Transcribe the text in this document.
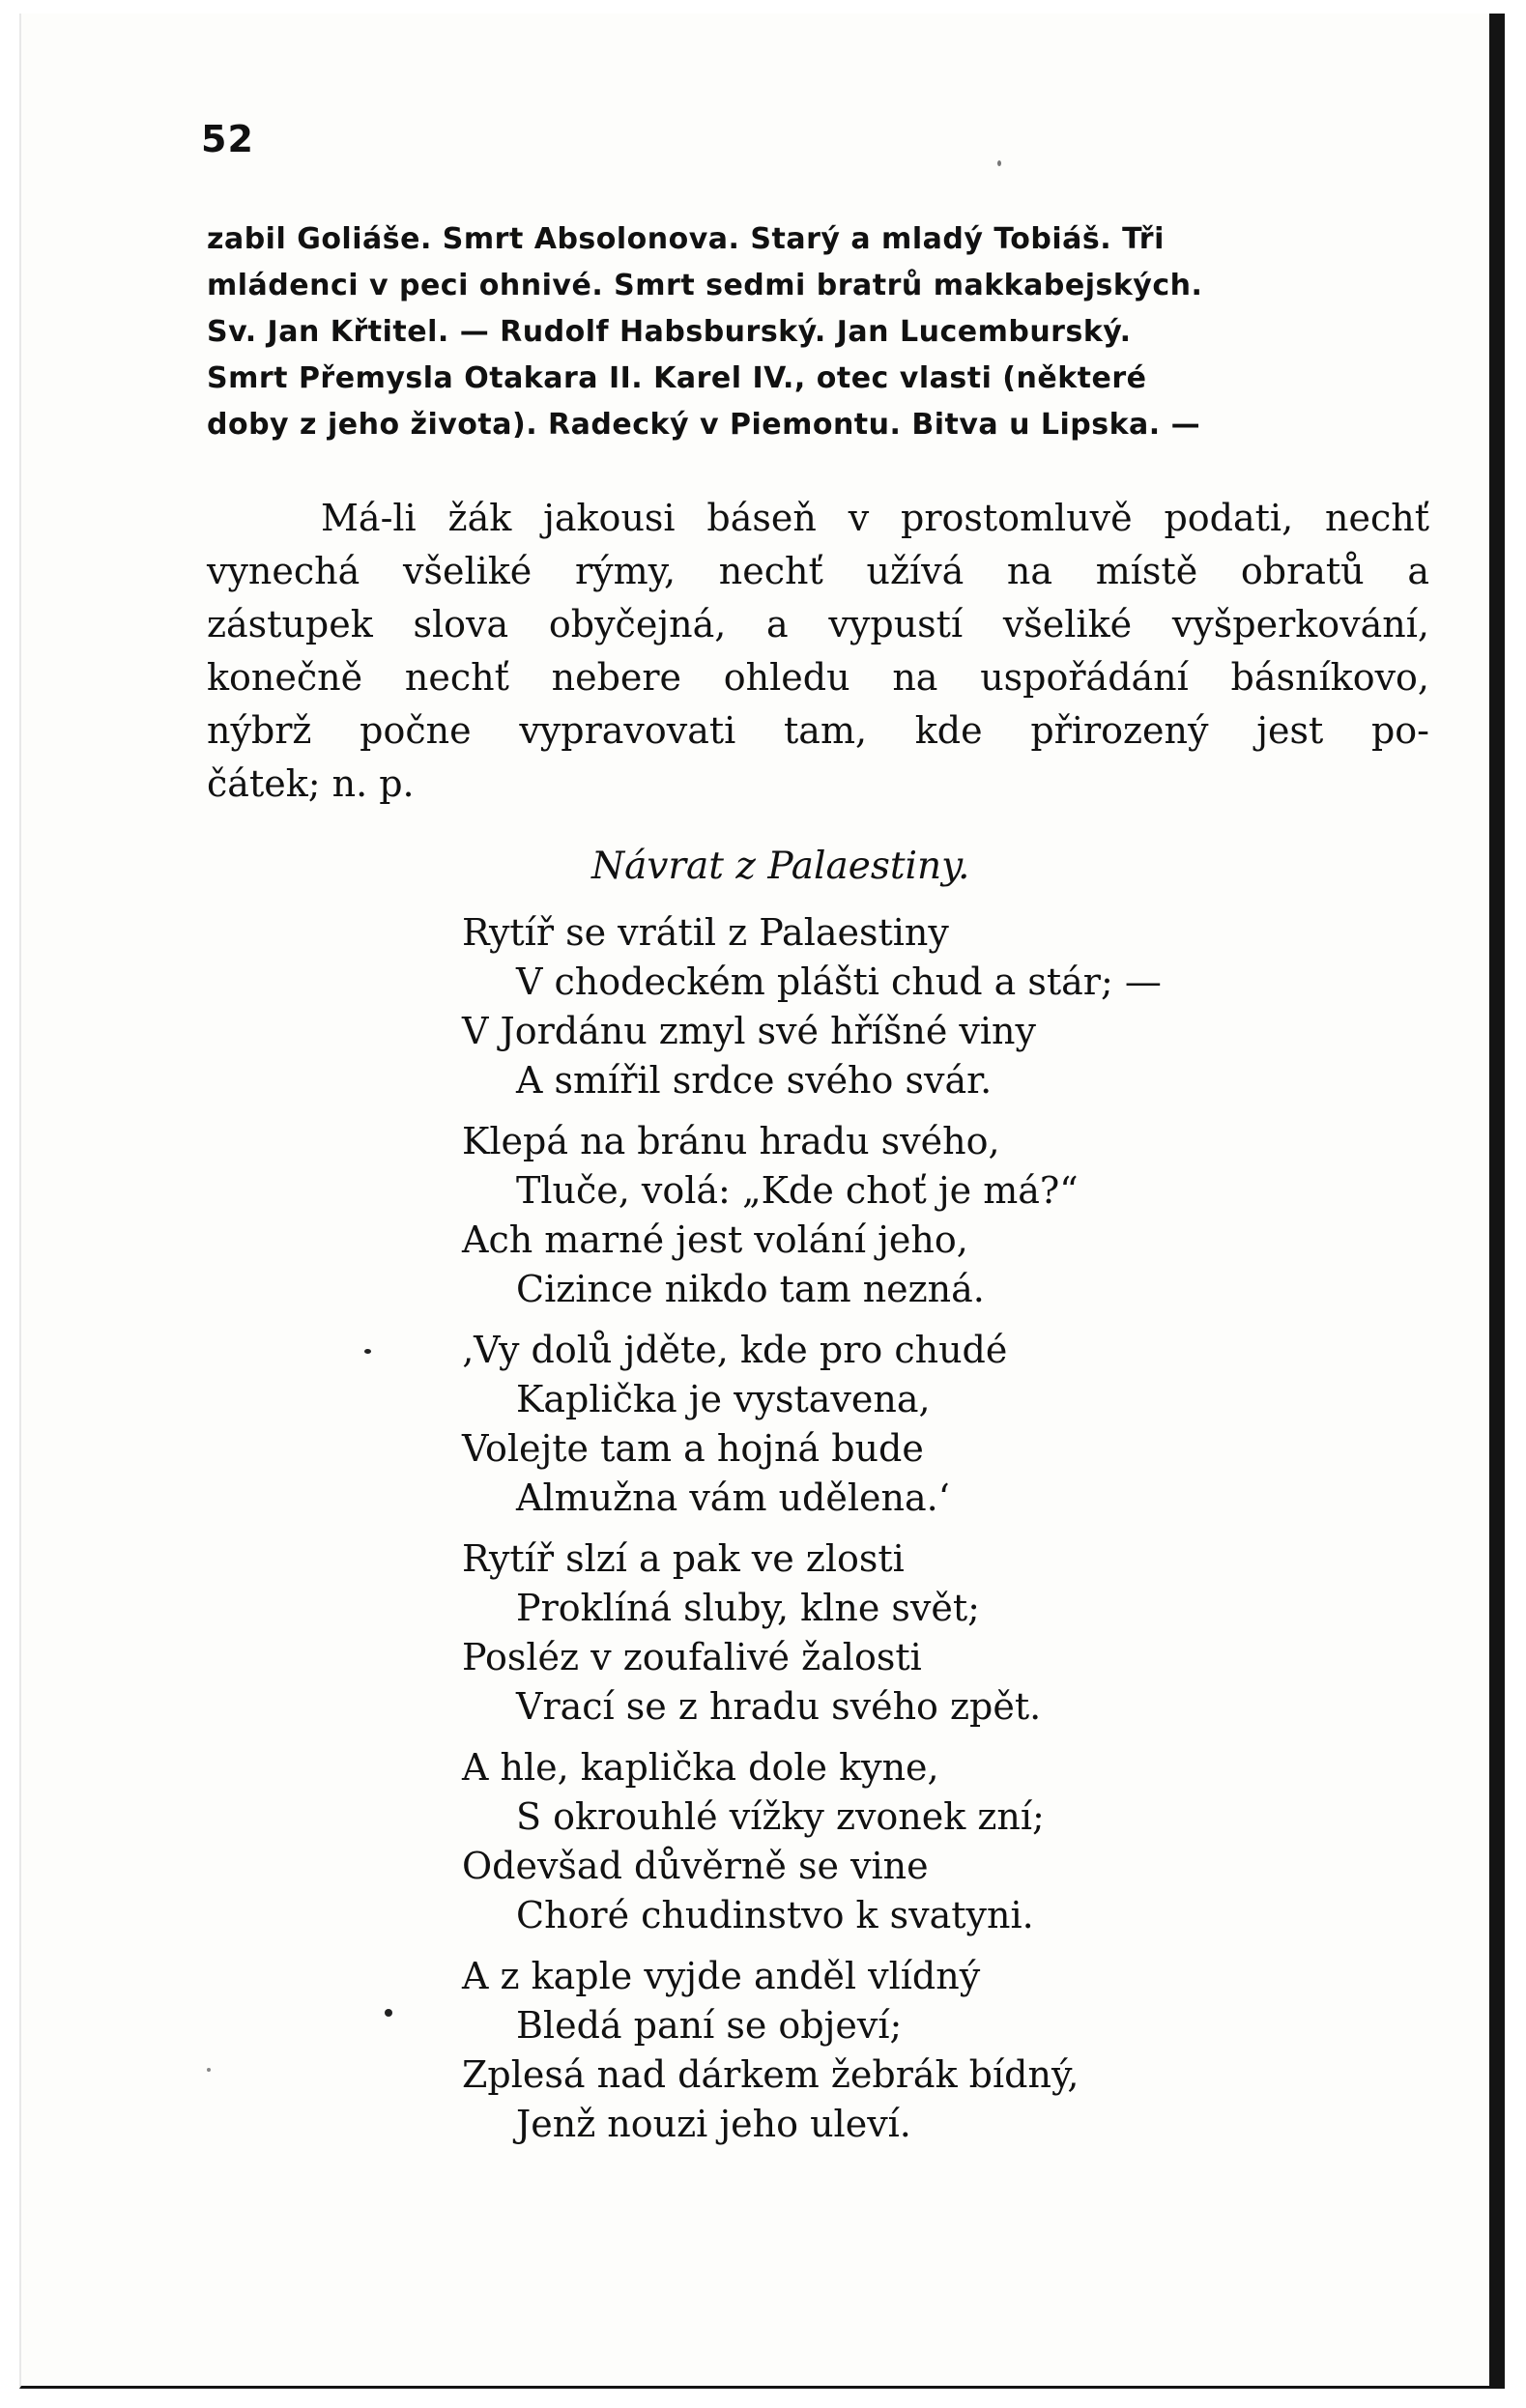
52
zabil Goliáše. Smrt Absolonova. Starý a mladý Tobiáš. Tři
mládenci v peci ohnivé. Smrt sedmi bratrů makkabejských.
Sv. Jan Křtitel. — Rudolf Habsburský. Jan Lucemburský.
Smrt Přemysla Otakara II. Karel IV., otec vlasti (některé
doby z jeho života). Radecký v Piemontu. Bitva u Lipska. —
Má-li žák jakousi báseň v prostomluvě podati, nechť
vynechá všeliké rýmy, nechť užívá na místě obratů a
zástupek slova obyčejná, a vypustí všeliké vyšperkování,
konečně nechť nebere ohledu na uspořádání básníkovo,
nýbrž počne vypravovati tam, kde přirozený jest po-
čátek; n. p.
Návrat z Palaestiny.
Rytíř se vrátil z Palaestiny
V chodeckém plášti chud a stár; —
V Jordánu zmyl své hříšné viny
A smířil srdce svého svár.
Klepá na bránu hradu svého,
Tluče, volá: „Kde choť je má?“
Ach marné jest volání jeho,
Cizince nikdo tam nezná.
‚Vy dolů jděte, kde pro chudé
Kaplička je vystavena,
Volejte tam a hojná bude
Almužna vám udělena.‘
Rytíř slzí a pak ve zlosti
Proklíná sluby, klne svět;
Posléz v zoufalivé žalosti
Vrací se z hradu svého zpět.
A hle, kaplička dole kyne,
S okrouhlé vížky zvonek zní;
Odevšad důvěrně se vine
Choré chudinstvo k svatyni.
A z kaple vyjde anděl vlídný
Bledá paní se objeví;
Zplesá nad dárkem žebrák bídný,
Jenž nouzi jeho uleví.
